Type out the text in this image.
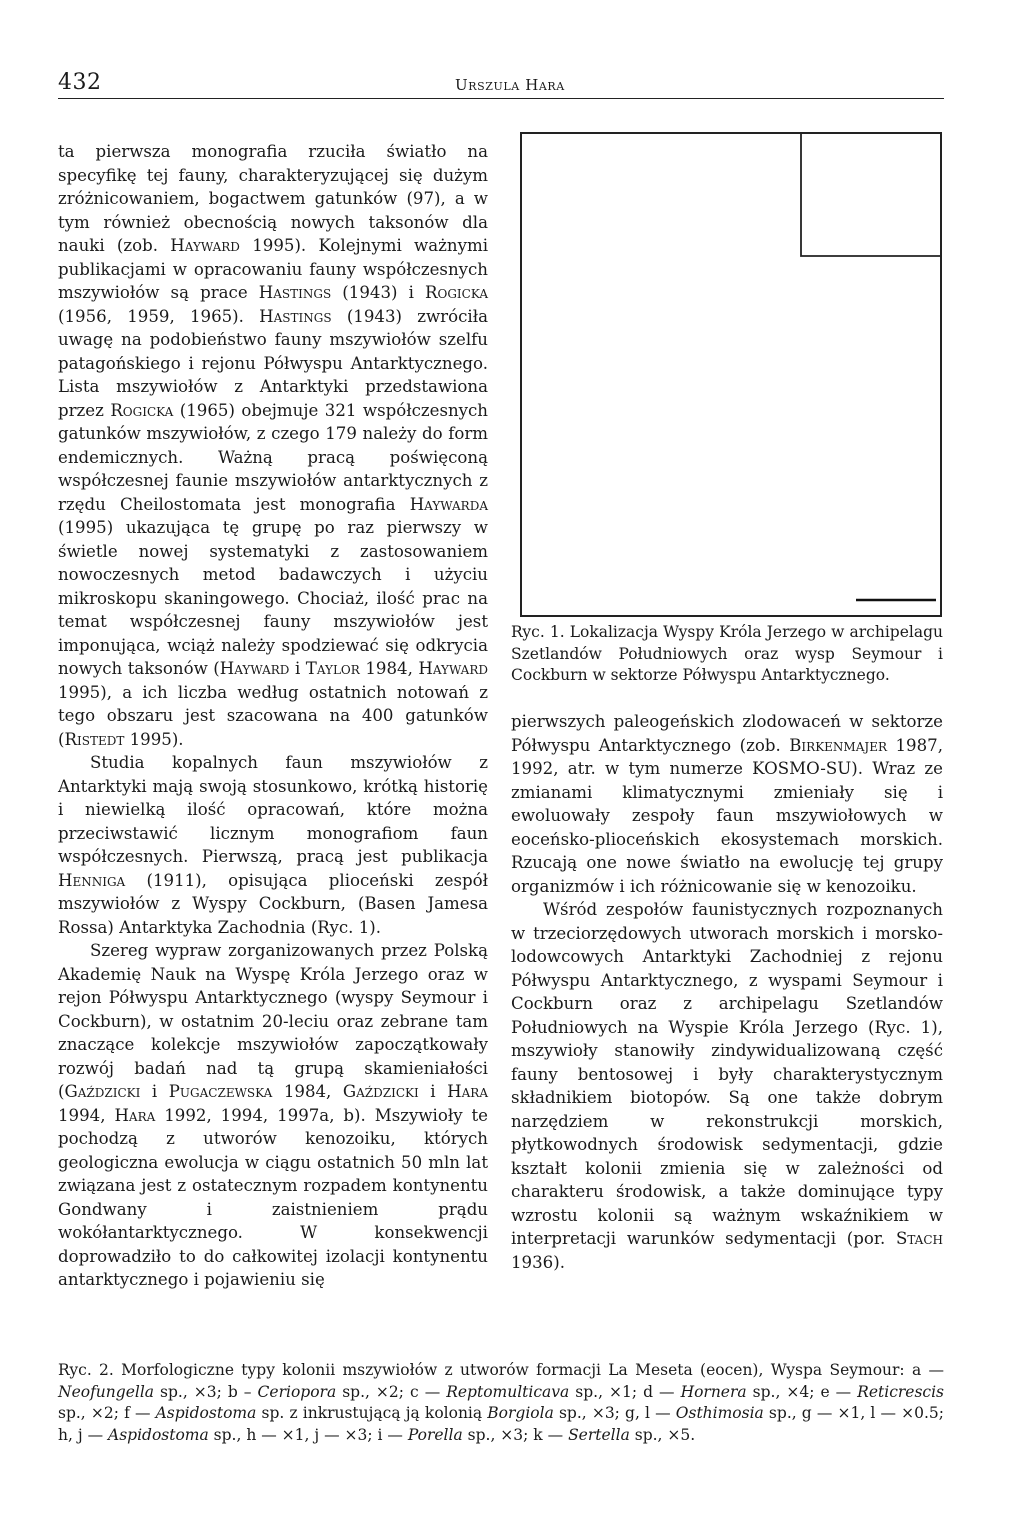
432	Urszula Hara

ta pierwsza monografia rzuciła światło na specyfikę tej fauny, charakteryzującej się dużym zróżnicowaniem, bogactwem gatunków (97), a w tym również obecnością nowych taksonów dla nauki (zob. Hayward 1995). Kolejnymi ważnymi publikacjami w opracowaniu fauny współczesnych mszywiołów są prace Hastings (1943) i Rogicka (1956, 1959, 1965). Hastings (1943) zwróciła uwagę na podobieństwo fauny mszywiołów szelfu patagońskiego i rejonu Półwyspu Antarktycznego. Lista mszywiołów z Antarktyki przedstawiona przez Rogicka (1965) obejmuje 321 współczesnych gatunków mszywiołów, z czego 179 należy do form endemicznych. Ważną pracą poświęconą współczesnej faunie mszywiołów antarktycznych z rzędu Cheilostomata jest monografia Haywarda (1995) ukazująca tę grupę po raz pierwszy w świetle nowej systematyki z zastosowaniem nowoczesnych metod badawczych i użyciu mikroskopu skaningowego. Chociaż, ilość prac na temat współczesnej fauny mszywiołów jest imponująca, wciąż należy spodziewać się odkrycia nowych taksonów (Hayward i Taylor 1984, Hayward 1995), a ich liczba według ostatnich notowań z tego obszaru jest szacowana na 400 gatunków (Ristedt 1995).

Studia kopalnych faun mszywiołów z Antarktyki mają swoją stosunkowo, krótką historię i niewielką ilość opracowań, które można przeciwstawić licznym monografiom faun współczesnych. Pierwszą, pracą jest publikacja Henniga (1911), opisująca plioceński zespół mszywiołów z Wyspy Cockburn, (Basen Jamesa Rossa) Antarktyka Zachodnia (Ryc. 1).

Szereg wypraw zorganizowanych przez Polską Akademię Nauk na Wyspę Króla Jerzego oraz w rejon Półwyspu Antarktycznego (wyspy Seymour i Cockburn), w ostatnim 20-leciu oraz zebrane tam znaczące kolekcje mszywiołów zapoczątkowały rozwój badań nad tą grupą skamieniałości (Gaździcki i Pugaczewska 1984, Gaździcki i Hara 1994, Hara 1992, 1994, 1997a, b). Mszywioły te pochodzą z utworów kenozoiku, których geologiczna ewolucja w ciągu ostatnich 50 mln lat związana jest z ostatecznym rozpadem kontynentu Gondwany i zaistnieniem prądu wokółantarktycznego. W konsekwencji doprowadziło to do całkowitej izolacji kontynentu antarktycznego i pojawieniu się

Ryc. 1. Lokalizacja Wyspy Króla Jerzego w archipelagu Szetlandów Południowych oraz wysp Seymour i Cockburn w sektorze Półwyspu Antarktycznego.

pierwszych paleogeńskich zlodowaceń w sektorze Półwyspu Antarktycznego (zob. Birkenmajer 1987, 1992, atr. w tym numerze KOSMO-SU). Wraz ze zmianami klimatycznymi zmieniały się i ewoluowały zespoły faun mszywiołowych w eoceńsko-plioceńskich ekosystemach morskich. Rzucają one nowe światło na ewolucję tej grupy organizmów i ich różnicowanie się w kenozoiku.

Wśród zespołów faunistycznych rozpoznanych w trzeciorzędowych utworach morskich i morsko-lodowcowych Antarktyki Zachodniej z rejonu Półwyspu Antarktycznego, z wyspami Seymour i Cockburn oraz z archipelagu Szetlandów Południowych na Wyspie Króla Jerzego (Ryc. 1), mszywioły stanowiły zindywidualizowaną część fauny bentosowej i były charakterystycznym składnikiem biotopów. Są one także dobrym narzędziem w rekonstrukcji morskich, płytkowodnych środowisk sedymentacji, gdzie kształt kolonii zmienia się w zależności od charakteru środowisk, a także dominujące typy wzrostu kolonii są ważnym wskaźnikiem w interpretacji warunków sedymentacji (por. Stach 1936).

Ryc. 2. Morfologiczne typy kolonii mszywiołów z utworów formacji La Meseta (eocen), Wyspa Seymour: a — Neofungella sp., ×3; b – Ceriopora sp., ×2; c — Reptomulticava sp., ×1; d — Hornera sp., ×4; e — Reticrescis sp., ×2; f — Aspidostoma sp. z inkrustującą ją kolonią Borgiola sp., ×3; g, l — Osthimosia sp., g — ×1, l — ×0.5; h, j — Aspidostoma sp., h — ×1, j — ×3; i — Porella sp., ×3; k — Sertella sp., ×5.
